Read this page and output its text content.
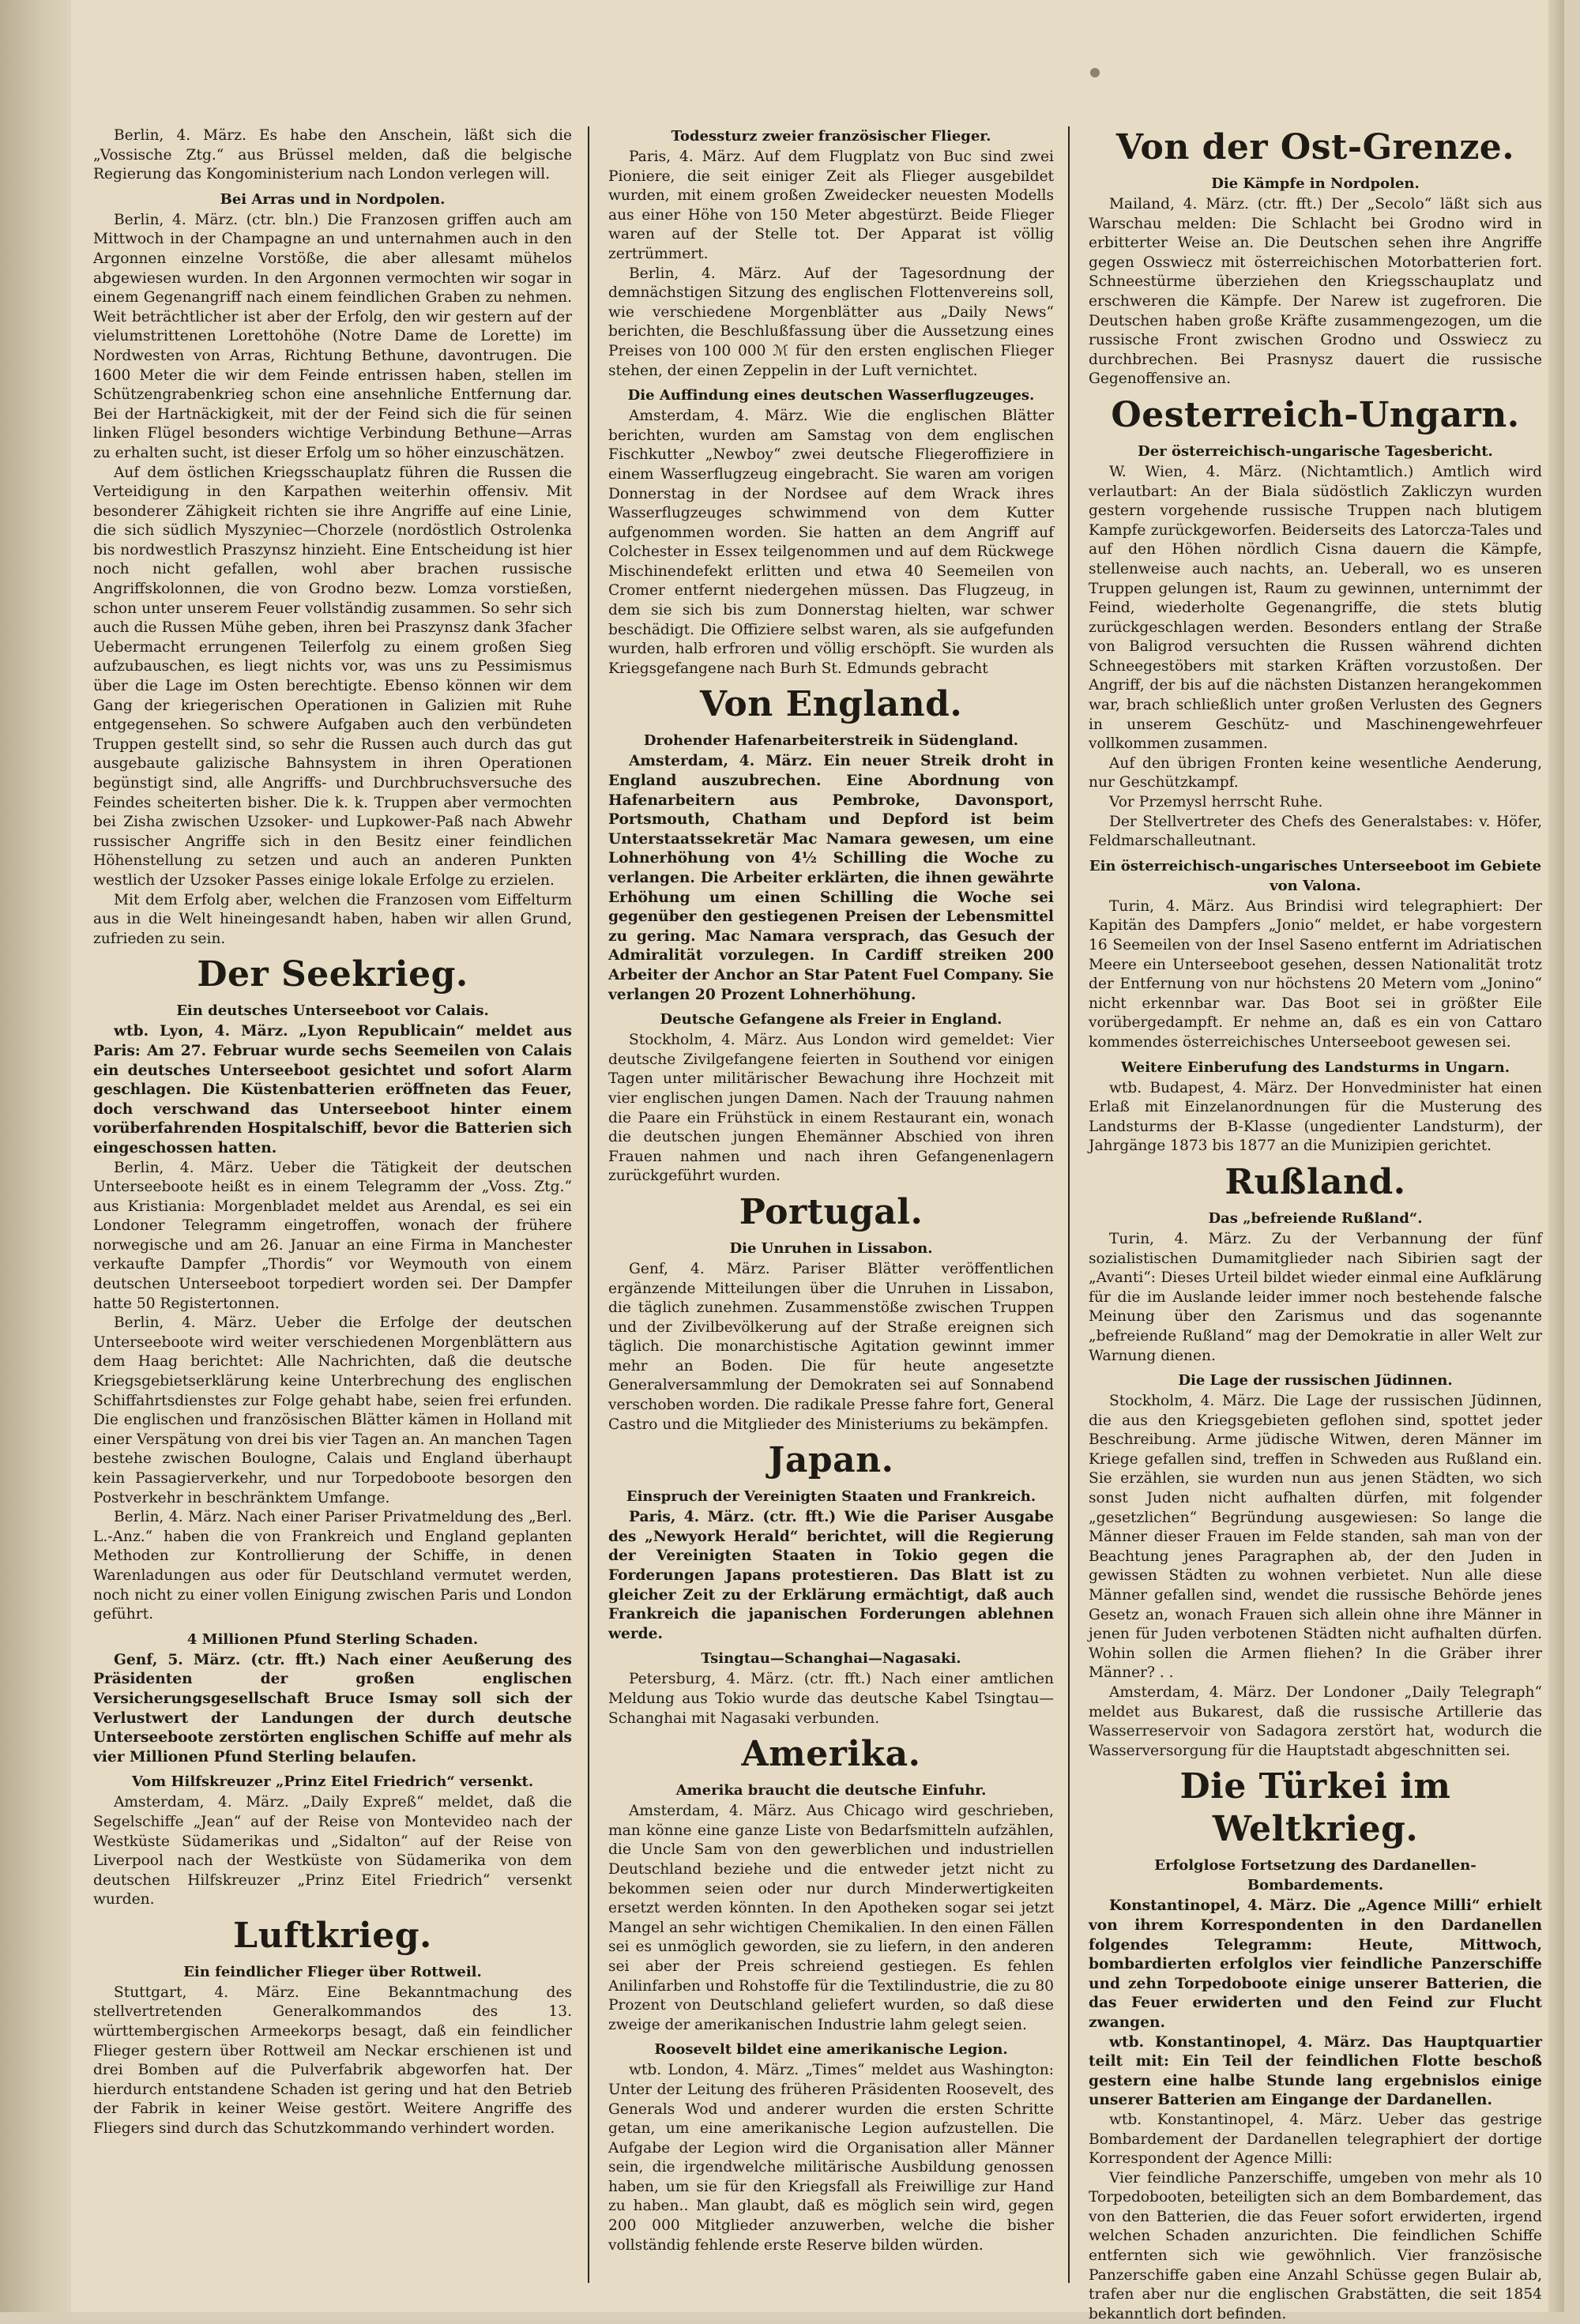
Berlin, 4. März. Es habe den Anschein, läßt sich die „Vossische Ztg.“ aus Brüssel melden, daß die belgische Regierung das Kongoministerium nach London verlegen will.

Bei Arras und in Nordpolen.

Berlin, 4. März. (ctr. bln.) Die Franzosen griffen auch am Mittwoch in der Champagne an und unternahmen auch in den Argonnen einzelne Vorstöße, die aber allesamt mühelos abgewiesen wurden. In den Argonnen vermochten wir sogar in einem Gegenangriff nach einem feindlichen Graben zu nehmen. Weit beträchtlicher ist aber der Erfolg, den wir gestern auf der vielumstrittenen Lorettohöhe (Notre Dame de Lorette) im Nordwesten von Arras, Richtung Bethune, davontrugen. Die 1600 Meter die wir dem Feinde entrissen haben, stellen im Schützengrabenkrieg schon eine ansehnliche Entfernung dar. Bei der Hartnäckigkeit, mit der der Feind sich die für seinen linken Flügel besonders wichtige Verbindung Bethune—Arras zu erhalten sucht, ist dieser Erfolg um so höher einzuschätzen.

Auf dem östlichen Kriegsschauplatz führen die Russen die Verteidigung in den Karpathen weiterhin offensiv. Mit besonderer Zähigkeit richten sie ihre Angriffe auf eine Linie, die sich südlich Myszyniec—Chorzele (nordöstlich Ostrolenka bis nordwestlich Praszynsz hinzieht. Eine Entscheidung ist hier noch nicht gefallen, wohl aber brachen russische Angriffskolonnen, die von Grodno bezw. Lomza vorstießen, schon unter unserem Feuer vollständig zusammen. So sehr sich auch die Russen Mühe geben, ihren bei Praszynsz dank 3facher Uebermacht errungenen Teilerfolg zu einem großen Sieg aufzubauschen, es liegt nichts vor, was uns zu Pessimismus über die Lage im Osten berechtigte. Ebenso können wir dem Gang der kriegerischen Operationen in Galizien mit Ruhe entgegensehen. So schwere Aufgaben auch den verbündeten Truppen gestellt sind, so sehr die Russen auch durch das gut ausgebaute galizische Bahnsystem in ihren Operationen begünstigt sind, alle Angriffs- und Durchbruchsversuche des Feindes scheiterten bisher. Die k. k. Truppen aber vermochten bei Zisha zwischen Uzsoker- und Lupkower-Paß nach Abwehr russischer Angriffe sich in den Besitz einer feindlichen Höhenstellung zu setzen und auch an anderen Punkten westlich der Uzsoker Passes einige lokale Erfolge zu erzielen.

Mit dem Erfolg aber, welchen die Franzosen vom Eiffelturm aus in die Welt hineingesandt haben, haben wir allen Grund, zufrieden zu sein.

Der Seekrieg.
Ein deutsches Unterseeboot vor Calais.

wtb. Lyon, 4. März. „Lyon Republicain“ meldet aus Paris: Am 27. Februar wurde sechs Seemeilen von Calais ein deutsches Unterseeboot gesichtet und sofort Alarm geschlagen. Die Küstenbatterien eröffneten das Feuer, doch verschwand das Unterseeboot hinter einem vorüberfahrenden Hospitalschiff, bevor die Batterien sich eingeschossen hatten.

Berlin, 4. März. Ueber die Tätigkeit der deutschen Unterseeboote heißt es in einem Telegramm der „Voss. Ztg.“ aus Kristiania: Morgenbladet meldet aus Arendal, es sei ein Londoner Telegramm eingetroffen, wonach der frühere norwegische und am 26. Januar an eine Firma in Manchester verkaufte Dampfer „Thordis“ vor Weymouth von einem deutschen Unterseeboot torpediert worden sei. Der Dampfer hatte 50 Registertonnen.

Berlin, 4. März. Ueber die Erfolge der deutschen Unterseeboote wird weiter verschiedenen Morgenblättern aus dem Haag berichtet: Alle Nachrichten, daß die deutsche Kriegsgebietserklärung keine Unterbrechung des englischen Schiffahrtsdienstes zur Folge gehabt habe, seien frei erfunden. Die englischen und französischen Blätter kämen in Holland mit einer Verspätung von drei bis vier Tagen an. An manchen Tagen bestehe zwischen Boulogne, Calais und England überhaupt kein Passagierverkehr, und nur Torpedoboote besorgen den Postverkehr in beschränktem Umfange.

Berlin, 4. März. Nach einer Pariser Privatmeldung des „Berl. L.-Anz.“ haben die von Frankreich und England geplanten Methoden zur Kontrollierung der Schiffe, in denen Warenladungen aus oder für Deutschland vermutet werden, noch nicht zu einer vollen Einigung zwischen Paris und London geführt.

4 Millionen Pfund Sterling Schaden.

Genf, 5. März. (ctr. fft.) Nach einer Aeußerung des Präsidenten der großen englischen Versicherungsgesellschaft Bruce Ismay soll sich der Verlustwert der Landungen der durch deutsche Unterseeboote zerstörten englischen Schiffe auf mehr als vier Millionen Pfund Sterling belaufen.

Vom Hilfskreuzer „Prinz Eitel Friedrich“ versenkt.

Amsterdam, 4. März. „Daily Expreß“ meldet, daß die Segelschiffe „Jean“ auf der Reise von Montevideo nach der Westküste Südamerikas und „Sidalton“ auf der Reise von Liverpool nach der Westküste von Südamerika von dem deutschen Hilfskreuzer „Prinz Eitel Friedrich“ versenkt wurden.

Luftkrieg.
Ein feindlicher Flieger über Rottweil.

Stuttgart, 4. März. Eine Bekanntmachung des stellvertretenden Generalkommandos des 13. württembergischen Armeekorps besagt, daß ein feindlicher Flieger gestern über Rottweil am Neckar erschienen ist und drei Bomben auf die Pulverfabrik abgeworfen hat. Der hierdurch entstandene Schaden ist gering und hat den Betrieb der Fabrik in keiner Weise gestört. Weitere Angriffe des Fliegers sind durch das Schutzkommando verhindert worden.

Todessturz zweier französischer Flieger.

Paris, 4. März. Auf dem Flugplatz von Buc sind zwei Pioniere, die seit einiger Zeit als Flieger ausgebildet wurden, mit einem großen Zweidecker neuesten Modells aus einer Höhe von 150 Meter abgestürzt. Beide Flieger waren auf der Stelle tot. Der Apparat ist völlig zertrümmert.

Berlin, 4. März. Auf der Tagesordnung der demnächstigen Sitzung des englischen Flottenvereins soll, wie verschiedene Morgenblätter aus „Daily News“ berichten, die Beschlußfassung über die Aussetzung eines Preises von 100 000 ℳ für den ersten englischen Flieger stehen, der einen Zeppelin in der Luft vernichtet.

Die Auffindung eines deutschen Wasserflugzeuges.

Amsterdam, 4. März. Wie die englischen Blätter berichten, wurden am Samstag von dem englischen Fischkutter „Newboy“ zwei deutsche Fliegeroffiziere in einem Wasserflugzeug eingebracht. Sie waren am vorigen Donnerstag in der Nordsee auf dem Wrack ihres Wasserflugzeuges schwimmend von dem Kutter aufgenommen worden. Sie hatten an dem Angriff auf Colchester in Essex teilgenommen und auf dem Rückwege Mischinendefekt erlitten und etwa 40 Seemeilen von Cromer entfernt niedergehen müssen. Das Flugzeug, in dem sie sich bis zum Donnerstag hielten, war schwer beschädigt. Die Offiziere selbst waren, als sie aufgefunden wurden, halb erfroren und völlig erschöpft. Sie wurden als Kriegsgefangene nach Burh St. Edmunds gebracht

Von England.
Drohender Hafenarbeiterstreik in Südengland.

Amsterdam, 4. März. Ein neuer Streik droht in England auszubrechen. Eine Abordnung von Hafenarbeitern aus Pembroke, Davonsport, Portsmouth, Chatham und Depford ist beim Unterstaatssekretär Mac Namara gewesen, um eine Lohnerhöhung von 4½ Schilling die Woche zu verlangen. Die Arbeiter erklärten, die ihnen gewährte Erhöhung um einen Schilling die Woche sei gegenüber den gestiegenen Preisen der Lebensmittel zu gering. Mac Namara versprach, das Gesuch der Admiralität vorzulegen. In Cardiff streiken 200 Arbeiter der Anchor an Star Patent Fuel Company. Sie verlangen 20 Prozent Lohnerhöhung.

Deutsche Gefangene als Freier in England.

Stockholm, 4. März. Aus London wird gemeldet: Vier deutsche Zivilgefangene feierten in Southend vor einigen Tagen unter militärischer Bewachung ihre Hochzeit mit vier englischen jungen Damen. Nach der Trauung nahmen die Paare ein Frühstück in einem Restaurant ein, wonach die deutschen jungen Ehemänner Abschied von ihren Frauen nahmen und nach ihren Gefangenenlagern zurückgeführt wurden.

Portugal.
Die Unruhen in Lissabon.

Genf, 4. März. Pariser Blätter veröffentlichen ergänzende Mitteilungen über die Unruhen in Lissabon, die täglich zunehmen. Zusammenstöße zwischen Truppen und der Zivilbevölkerung auf der Straße ereignen sich täglich. Die monarchistische Agitation gewinnt immer mehr an Boden. Die für heute angesetzte Generalversammlung der Demokraten sei auf Sonnabend verschoben worden. Die radikale Presse fahre fort, General Castro und die Mitglieder des Ministeriums zu bekämpfen.

Japan.
Einspruch der Vereinigten Staaten und Frankreich.

Paris, 4. März. (ctr. fft.) Wie die Pariser Ausgabe des „Newyork Herald“ berichtet, will die Regierung der Vereinigten Staaten in Tokio gegen die Forderungen Japans protestieren. Das Blatt ist zu gleicher Zeit zu der Erklärung ermächtigt, daß auch Frankreich die japanischen Forderungen ablehnen werde.

Tsingtau—Schanghai—Nagasaki.

Petersburg, 4. März. (ctr. fft.) Nach einer amtlichen Meldung aus Tokio wurde das deutsche Kabel Tsingtau—Schanghai mit Nagasaki verbunden.

Amerika.
Amerika braucht die deutsche Einfuhr.

Amsterdam, 4. März. Aus Chicago wird geschrieben, man könne eine ganze Liste von Bedarfsmitteln aufzählen, die Uncle Sam von den gewerblichen und industriellen Deutschland beziehe und die entweder jetzt nicht zu bekommen seien oder nur durch Minderwertigkeiten ersetzt werden könnten. In den Apotheken sogar sei jetzt Mangel an sehr wichtigen Chemikalien. In den einen Fällen sei es unmöglich geworden, sie zu liefern, in den anderen sei aber der Preis schreiend gestiegen. Es fehlen Anilinfarben und Rohstoffe für die Textilindustrie, die zu 80 Prozent von Deutschland geliefert wurden, so daß diese zweige der amerikanischen Industrie lahm gelegt seien.

Roosevelt bildet eine amerikanische Legion.

wtb. London, 4. März. „Times“ meldet aus Washington: Unter der Leitung des früheren Präsidenten Roosevelt, des Generals Wod und anderer wurden die ersten Schritte getan, um eine amerikanische Legion aufzustellen. Die Aufgabe der Legion wird die Organisation aller Männer sein, die irgendwelche militärische Ausbildung genossen haben, um sie für den Kriegsfall als Freiwillige zur Hand zu haben.. Man glaubt, daß es möglich sein wird, gegen 200 000 Mitglieder anzuwerben, welche die bisher vollständig fehlende erste Reserve bilden würden.

Von der Ost-Grenze.
Die Kämpfe in Nordpolen.

Mailand, 4. März. (ctr. fft.) Der „Secolo“ läßt sich aus Warschau melden: Die Schlacht bei Grodno wird in erbitterter Weise an. Die Deutschen sehen ihre Angriffe gegen Osswiecz mit österreichischen Motorbatterien fort. Schneestürme überziehen den Kriegsschauplatz und erschweren die Kämpfe. Der Narew ist zugefroren. Die Deutschen haben große Kräfte zusammengezogen, um die russische Front zwischen Grodno und Osswiecz zu durchbrechen. Bei Prasnysz dauert die russische Gegenoffensive an.

Oesterreich-Ungarn.
Der österreichisch-ungarische Tagesbericht.

W. Wien, 4. März. (Nichtamtlich.) Amtlich wird verlautbart: An der Biala südöstlich Zakliczyn wurden gestern vorgehende russische Truppen nach blutigem Kampfe zurückgeworfen. Beiderseits des Latorcza-Tales und auf den Höhen nördlich Cisna dauern die Kämpfe, stellenweise auch nachts, an. Ueberall, wo es unseren Truppen gelungen ist, Raum zu gewinnen, unternimmt der Feind, wiederholte Gegenangriffe, die stets blutig zurückgeschlagen werden. Besonders entlang der Straße von Baligrod versuchten die Russen während dichten Schneegestöbers mit starken Kräften vorzustoßen. Der Angriff, der bis auf die nächsten Distanzen herangekommen war, brach schließlich unter großen Verlusten des Gegners in unserem Geschütz- und Maschinengewehrfeuer vollkommen zusammen.

Auf den übrigen Fronten keine wesentliche Aenderung, nur Geschützkampf.

Vor Przemysl herrscht Ruhe.

Der Stellvertreter des Chefs des Generalstabes: v. Höfer, Feldmarschalleutnant.

Ein österreichisch-ungarisches Unterseeboot im Gebiete von Valona.

Turin, 4. März. Aus Brindisi wird telegraphiert: Der Kapitän des Dampfers „Jonio“ meldet, er habe vorgestern 16 Seemeilen von der Insel Saseno entfernt im Adriatischen Meere ein Unterseeboot gesehen, dessen Nationalität trotz der Entfernung von nur höchstens 20 Metern vom „Jonino“ nicht erkennbar war. Das Boot sei in größter Eile vorübergedampft. Er nehme an, daß es ein von Cattaro kommendes österreichisches Unterseeboot gewesen sei.

Weitere Einberufung des Landsturms in Ungarn.

wtb. Budapest, 4. März. Der Honvedminister hat einen Erlaß mit Einzelanordnungen für die Musterung des Landsturms der B-Klasse (ungedienter Landsturm), der Jahrgänge 1873 bis 1877 an die Munizipien gerichtet.

Rußland.
Das „befreiende Rußland“.

Turin, 4. März. Zu der Verbannung der fünf sozialistischen Dumamitglieder nach Sibirien sagt der „Avanti“: Dieses Urteil bildet wieder einmal eine Aufklärung für die im Auslande leider immer noch bestehende falsche Meinung über den Zarismus und das sogenannte „befreiende Rußland“ mag der Demokratie in aller Welt zur Warnung dienen.

Die Lage der russischen Jüdinnen.

Stockholm, 4. März. Die Lage der russischen Jüdinnen, die aus den Kriegsgebieten geflohen sind, spottet jeder Beschreibung. Arme jüdische Witwen, deren Männer im Kriege gefallen sind, treffen in Schweden aus Rußland ein. Sie erzählen, sie wurden nun aus jenen Städten, wo sich sonst Juden nicht aufhalten dürfen, mit folgender „gesetzlichen“ Begründung ausgewiesen: So lange die Männer dieser Frauen im Felde standen, sah man von der Beachtung jenes Paragraphen ab, der den Juden in gewissen Städten zu wohnen verbietet. Nun alle diese Männer gefallen sind, wendet die russische Behörde jenes Gesetz an, wonach Frauen sich allein ohne ihre Männer in jenen für Juden verbotenen Städten nicht aufhalten dürfen. Wohin sollen die Armen fliehen? In die Gräber ihrer Männer? . .

Amsterdam, 4. März. Der Londoner „Daily Telegraph“ meldet aus Bukarest, daß die russische Artillerie das Wasserreservoir von Sadagora zerstört hat, wodurch die Wasserversorgung für die Hauptstadt abgeschnitten sei.

Die Türkei im Weltkrieg.
Erfolglose Fortsetzung des Dardanellen-Bombardements.

Konstantinopel, 4. März. Die „Agence Milli“ erhielt von ihrem Korrespondenten in den Dardanellen folgendes Telegramm: Heute, Mittwoch, bombardierten erfolglos vier feindliche Panzerschiffe und zehn Torpedoboote einige unserer Batterien, die das Feuer erwiderten und den Feind zur Flucht zwangen.

wtb. Konstantinopel, 4. März. Das Hauptquartier teilt mit: Ein Teil der feindlichen Flotte beschoß gestern eine halbe Stunde lang ergebnislos einige unserer Batterien am Eingange der Dardanellen.

wtb. Konstantinopel, 4. März. Ueber das gestrige Bombardement der Dardanellen telegraphiert der dortige Korrespondent der Agence Milli:

Vier feindliche Panzerschiffe, umgeben von mehr als 10 Torpedobooten, beteiligten sich an dem Bombardement, das von den Batterien, die das Feuer sofort erwiderten, irgend welchen Schaden anzurichten. Die feindlichen Schiffe entfernten sich wie gewöhnlich. Vier französische Panzerschiffe gaben eine Anzahl Schüsse gegen Bulair ab, trafen aber nur die englischen Grabstätten, die seit 1854 bekanntlich dort befinden.
